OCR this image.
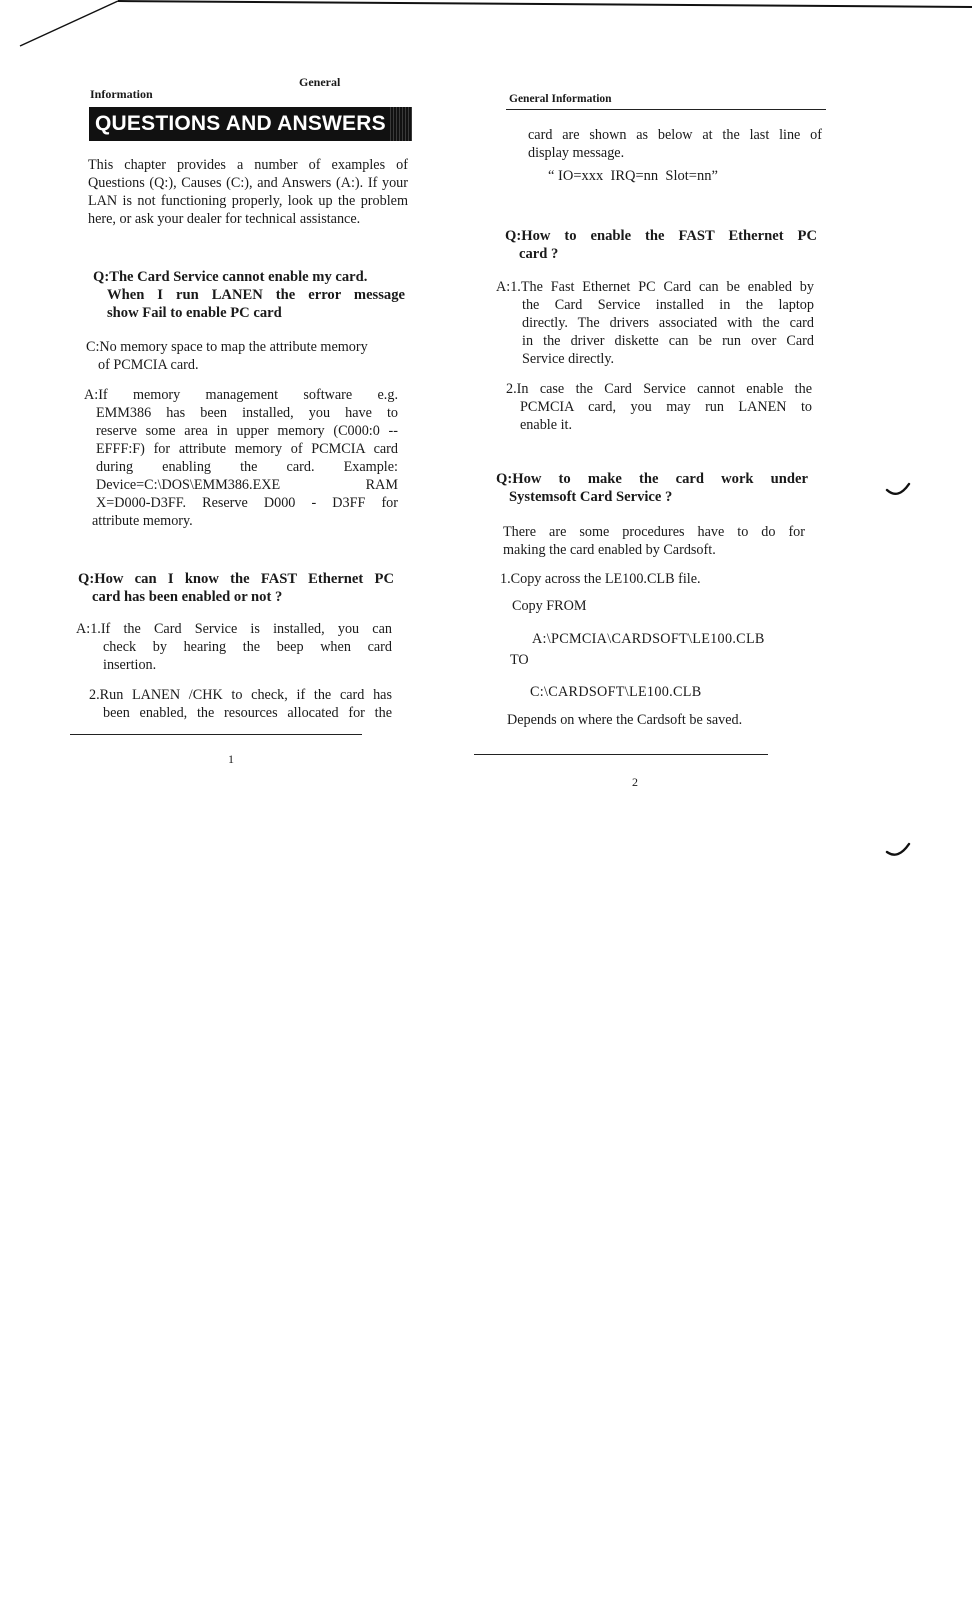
General
Information
QUESTIONS AND ANSWERS
This chapter provides a number of examples of Questions (Q:), Causes (C:), and Answers (A:). If your LAN is not functioning properly, look up the problem here, or ask your dealer for technical assistance.
Q:The Card Service cannot enable my card.
When I run LANEN the error message
show Fail to enable PC card
C:No memory space to map the attribute memory
of PCMCIA card.
A:If memory management software e.g.
EMM386 has been installed, you have to
reserve some area in upper memory (C000:0 --
EFFF:F) for attribute memory of PCMCIA card
during enabling the card. Example:
Device=C:\DOS\EMM386.EXE RAM
X=D000-D3FF. Reserve D000 - D3FF for
attribute memory.
Q:How can I know the FAST Ethernet PC
card has been enabled or not ?
A:1.If the Card Service is installed, you can
check by hearing the beep when card
insertion.
2.Run LANEN /CHK to check, if the card has
been enabled, the resources allocated for the
1
General Information
card are shown as below at the last line of
display message.
“ IO=xxx  IRQ=nn  Slot=nn”
Q:How to enable the FAST Ethernet PC
card ?
A:1.The Fast Ethernet PC Card can be enabled by
the Card Service installed in the laptop
directly. The drivers associated with the card
in the driver diskette can be run over Card
Service directly.
2.In case the Card Service cannot enable the
PCMCIA card, you may run LANEN to
enable it.
Q:How to make the card work under
Systemsoft Card Service ?
There are some procedures have to do for
making the card enabled by Cardsoft.
1.Copy across the LE100.CLB file.
Copy FROM
A:\PCMCIA\CARDSOFT\LE100.CLB
TO
C:\CARDSOFT\LE100.CLB
Depends on where the Cardsoft be saved.
2
